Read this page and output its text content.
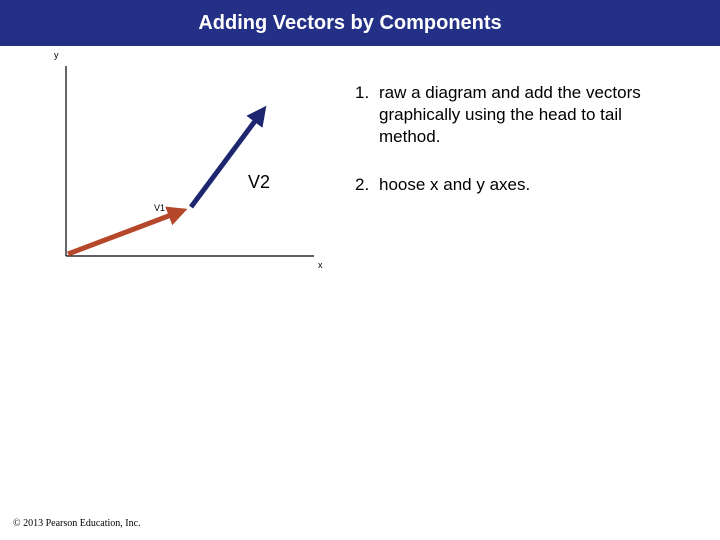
Adding Vectors by Components
y
x
V1
V2
1. raw a diagram and add the vectors graphically using the head to tail method.
2. hoose x and y axes.
© 2013 Pearson Education, Inc.
